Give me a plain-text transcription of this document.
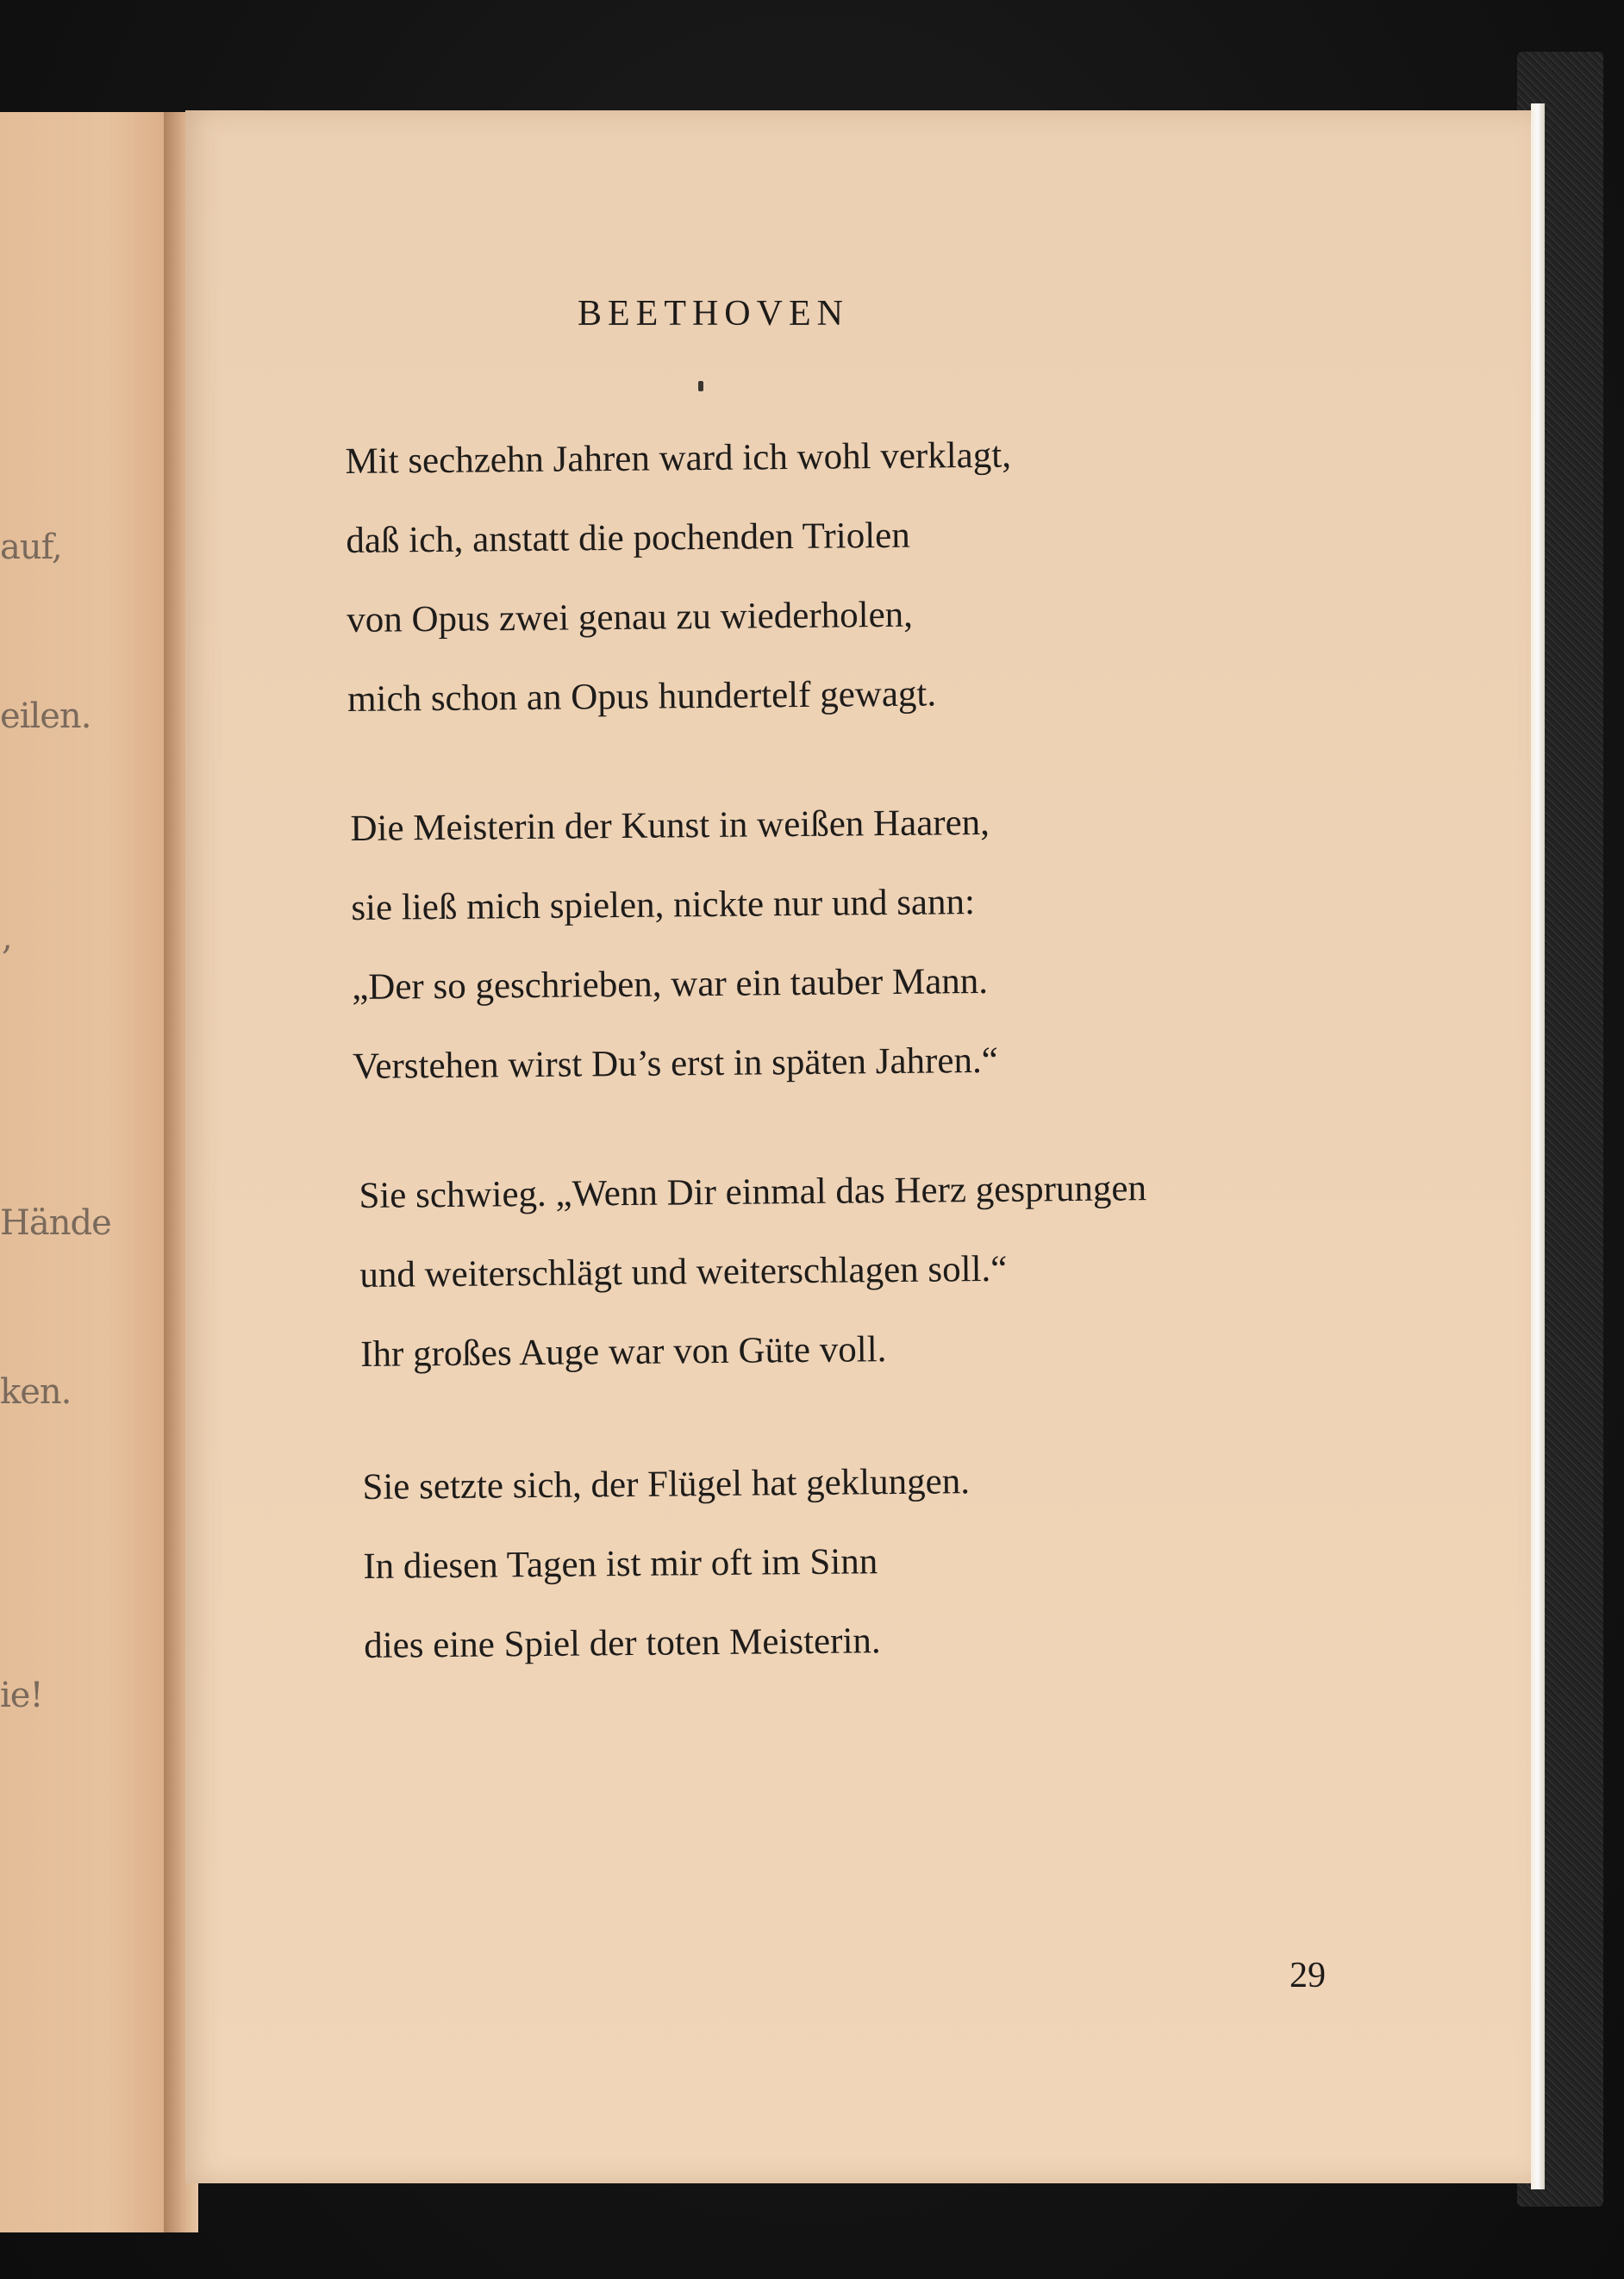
auf,
eilen.
,
Hände
ken.
ie!
BEETHOVEN
Mit sechzehn Jahren ward ich wohl verklagt,
daß ich, anstatt die pochenden Triolen
von Opus zwei genau zu wiederholen,
mich schon an Opus hundertelf gewagt.
Die Meisterin der Kunst in weißen Haaren,
sie ließ mich spielen, nickte nur und sann:
„Der so geschrieben, war ein tauber Mann.
Verstehen wirst Du’s erst in späten Jahren.“
Sie schwieg. „Wenn Dir einmal das Herz gesprungen
und weiterschlägt und weiterschlagen soll.“
Ihr großes Auge war von Güte voll.
Sie setzte sich, der Flügel hat geklungen.
In diesen Tagen ist mir oft im Sinn
dies eine Spiel der toten Meisterin.
29
